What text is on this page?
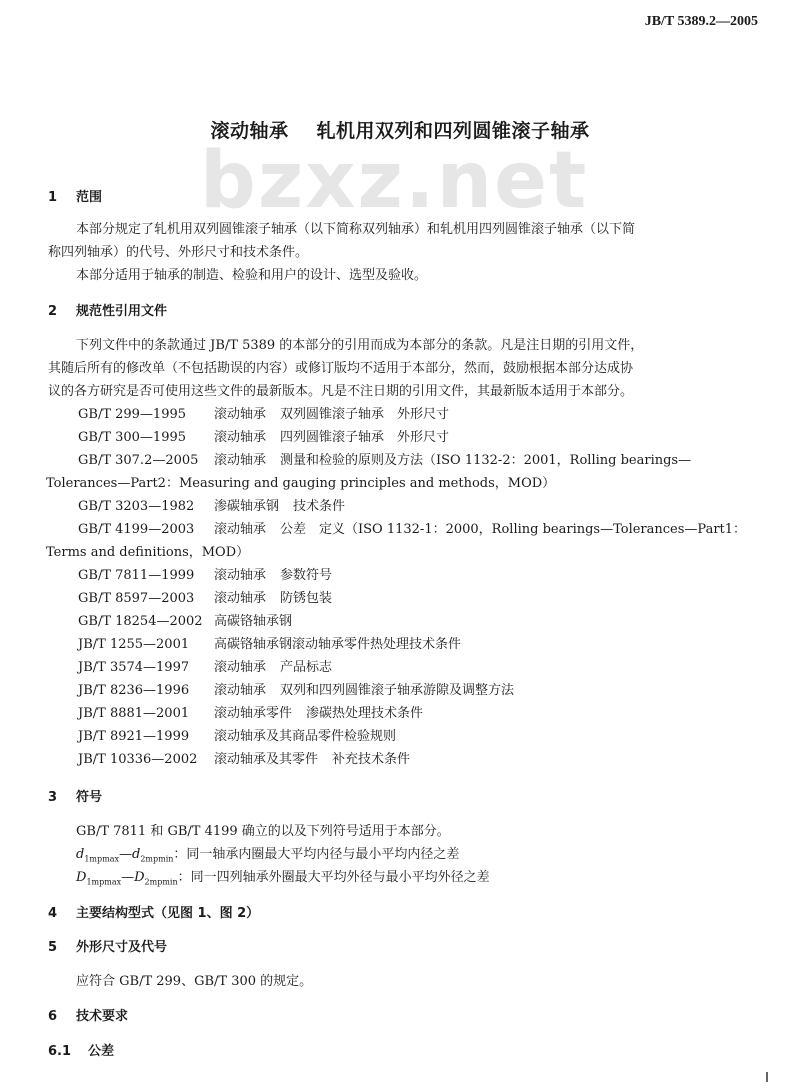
JB/T 5389.2—2005
bzxz.net
滚动轴承 轧机用双列和四列圆锥滚子轴承
1 范围
本部分规定了轧机用双列圆锥滚子轴承（以下简称双列轴承）和轧机用四列圆锥滚子轴承（以下简
称四列轴承）的代号、外形尺寸和技术条件。
本部分适用于轴承的制造、检验和用户的设计、选型及验收。
2 规范性引用文件
下列文件中的条款通过 JB/T 5389 的本部分的引用而成为本部分的条款。凡是注日期的引用文件，
其随后所有的修改单（不包括勘误的内容）或修订版均不适用于本部分，然而，鼓励根据本部分达成协
议的各方研究是否可使用这些文件的最新版本。凡是不注日期的引用文件，其最新版本适用于本部分。
GB/T 299—1995 滚动轴承 双列圆锥滚子轴承　外形尺寸
GB/T 300—1995 滚动轴承 四列圆锥滚子轴承　外形尺寸
GB/T 307.2—2005 滚动轴承 测量和检验的原则及方法（ISO 1132-2：2001，Rolling bearings—
Tolerances—Part2：Measuring and gauging principles and methods，MOD）
GB/T 3203—1982 渗碳轴承钢 技术条件
GB/T 4199—2003 滚动轴承 公差　定义（ISO 1132-1：2000，Rolling bearings—Tolerances—Part1：
Terms and definitions，MOD）
GB/T 7811—1999 滚动轴承 参数符号
GB/T 8597—2003 滚动轴承 防锈包装
GB/T 18254—2002 高碳铬轴承钢
JB/T 1255—2001 高碳铬轴承钢滚动轴承零件热处理技术条件
JB/T 3574—1997 滚动轴承 产品标志
JB/T 8236—1996 滚动轴承 双列和四列圆锥滚子轴承游隙及调整方法
JB/T 8881—2001 滚动轴承零件 渗碳热处理技术条件
JB/T 8921—1999 滚动轴承及其商品零件检验规则
JB/T 10336—2002 滚动轴承及其零件 补充技术条件
3 符号
GB/T 7811 和 GB/T 4199 确立的以及下列符号适用于本部分。
$d_{1mpmax}—d_{2mpmin}$：同一轴承内圈最大平均内径与最小平均内径之差
$D_{1mpmax}—D_{2mpmin}$：同一四列轴承外圈最大平均外径与最小平均外径之差
4 主要结构型式（见图 1、图 2）
5 外形尺寸及代号
应符合 GB/T 299、GB/T 300 的规定。
6 技术要求
6.1 公差
